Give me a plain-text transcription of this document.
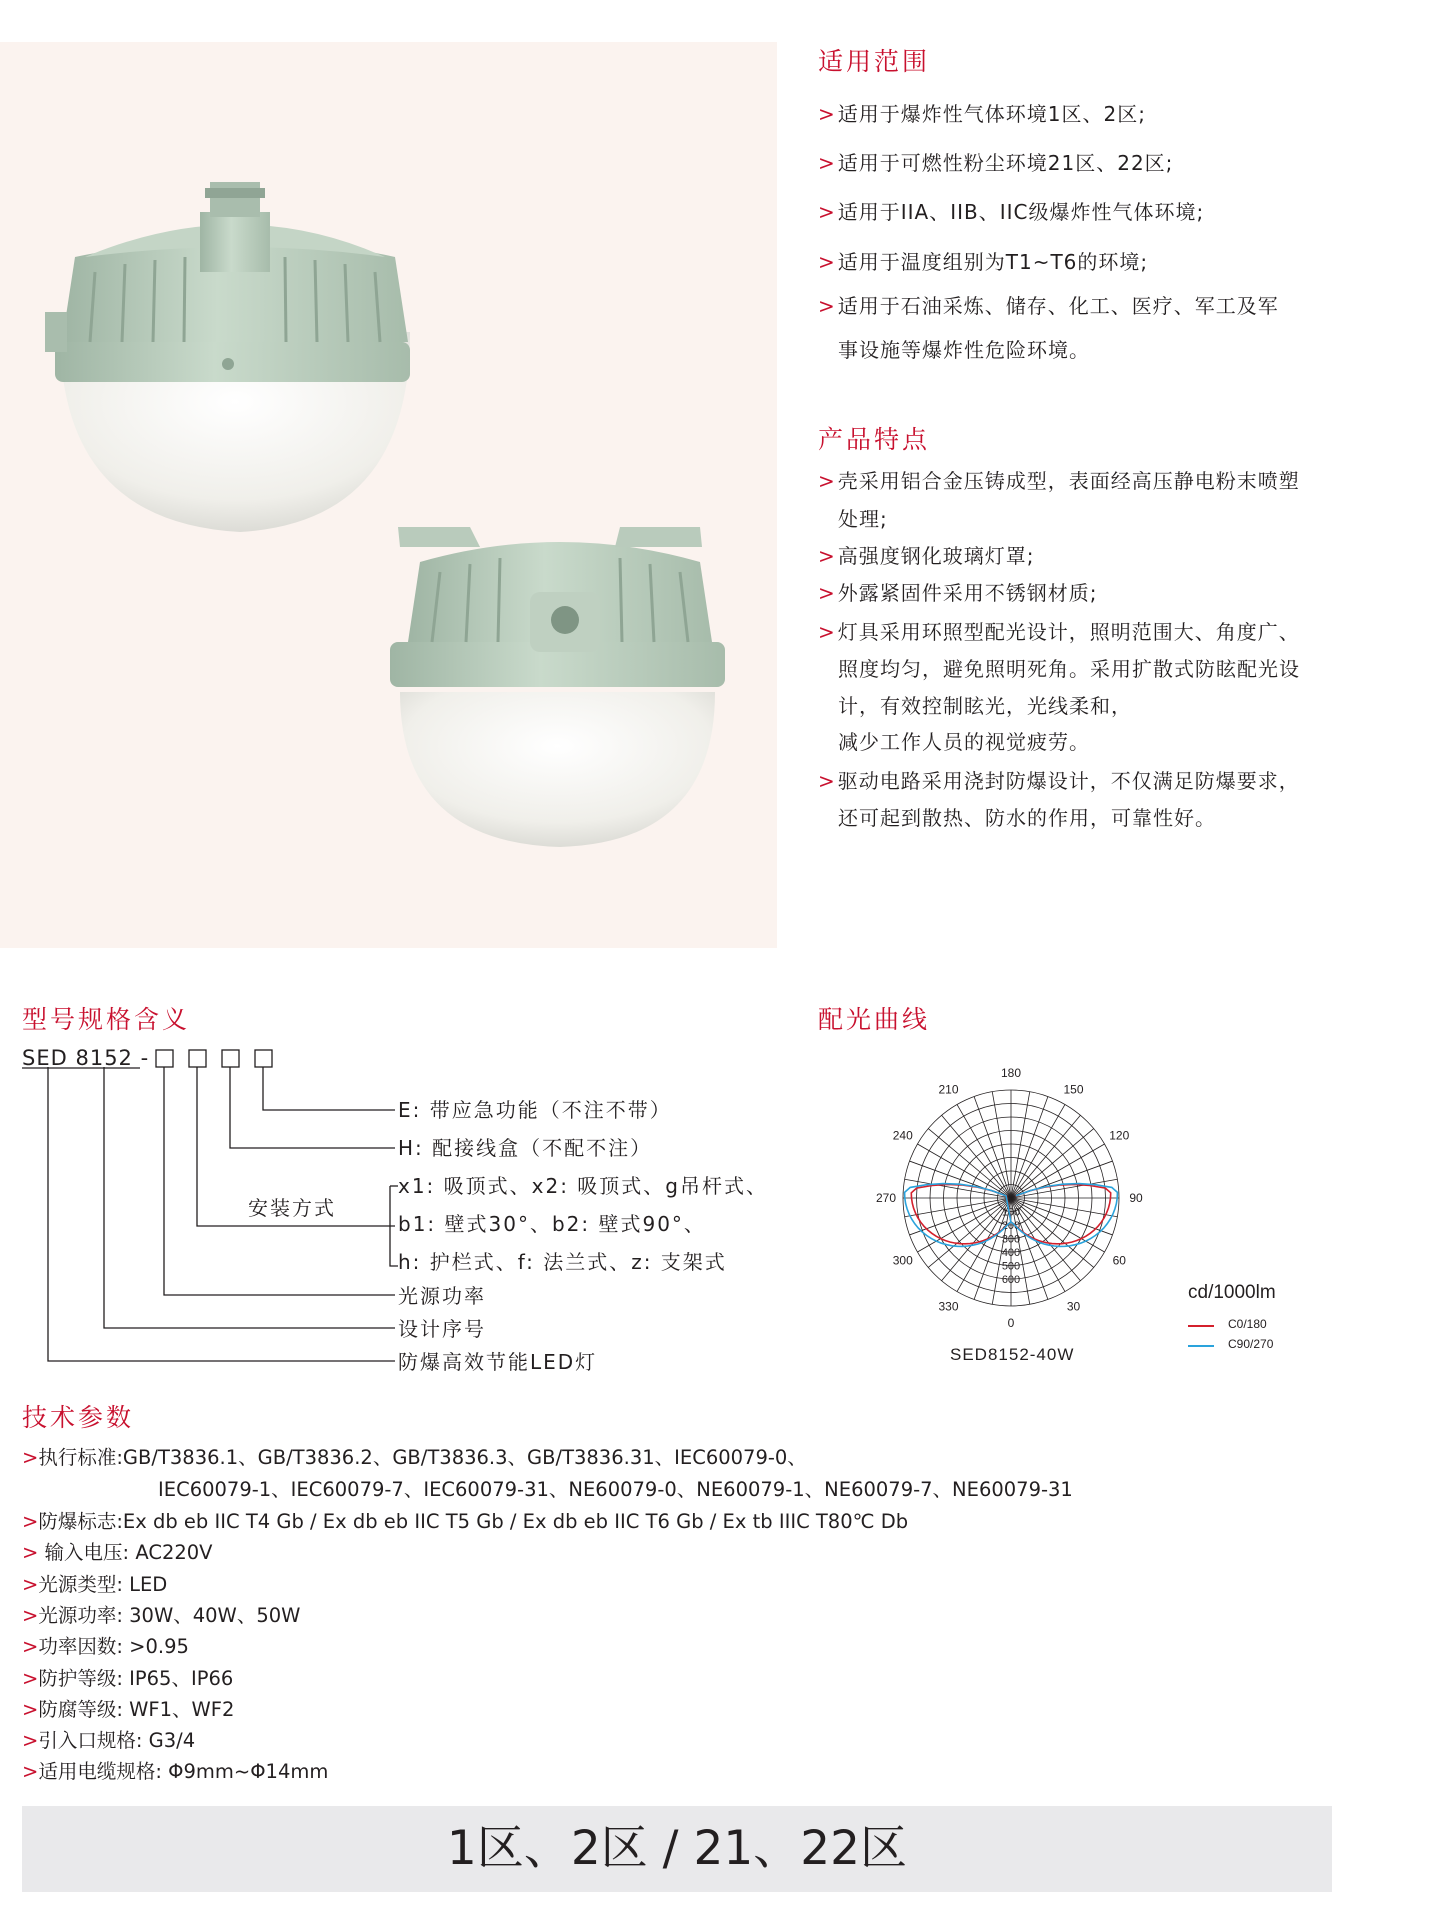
适用范围
> 适用于爆炸性气体环境1区、2区;
> 适用于可燃性粉尘环境21区、22区;
> 适用于IIA、IIB、IIC级爆炸性气体环境;
> 适用于温度组别为T1~T6的环境;
> 适用于石油采炼、储存、化工、医疗、军工及军
事设施等爆炸性危险环境。
产品特点
> 壳采用铝合金压铸成型，表面经高压静电粉末喷塑
处理;
> 高强度钢化玻璃灯罩;
> 外露紧固件采用不锈钢材质;
> 灯具采用环照型配光设计，照明范围大、角度广、
照度均匀，避免照明死角。采用扩散式防眩配光设
计，有效控制眩光，光线柔和，
减少工作人员的视觉疲劳。
> 驱动电路采用浇封防爆设计，不仅满足防爆要求，
还可起到散热、防水的作用，可靠性好。
型号规格含义
SED 8152 -
E: 带应急功能（不注不带）
H: 配接线盒（不配不注）
安装方式
x1: 吸顶式、x2: 吸顶式、g吊杆式、
b1: 壁式30°、b2: 壁式90°、
h: 护栏式、f: 法兰式、z: 支架式
光源功率
设计序号
防爆高效节能LED灯
配光曲线
180
150
120
90
60
30
0
330
300
270
240
210
100
200
300
400
500
600
SED8152-40W
cd/1000lm
C0/180
C90/270
技术参数
>执行标准:GB/T3836.1、GB/T3836.2、GB/T3836.3、GB/T3836.31、IEC60079-0、
IEC60079-1、IEC60079-7、IEC60079-31、NE60079-0、NE60079-1、NE60079-7、NE60079-31
>防爆标志:Ex db eb IIC T4 Gb / Ex db eb IIC T5 Gb / Ex db eb IIC T6 Gb / Ex tb IIIC T80℃ Db
> 输入电压: AC220V
>光源类型: LED
>光源功率: 30W、40W、50W
>功率因数: >0.95
>防护等级: IP65、IP66
>防腐等级: WF1、WF2
>引入口规格: G3/4
>适用电缆规格: Φ9mm~Φ14mm
1区、2区 / 21、22区
